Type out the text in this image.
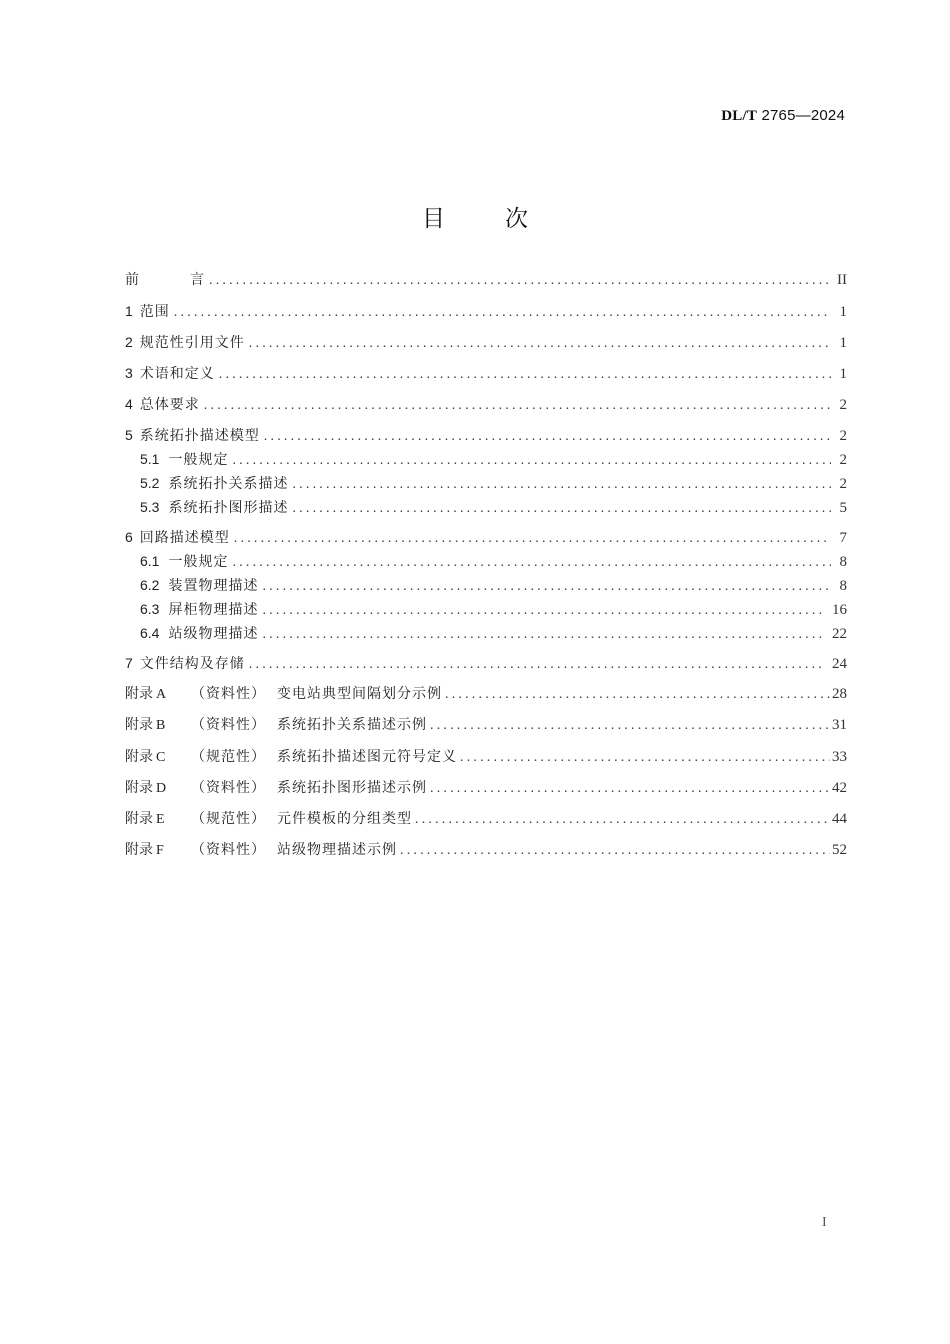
DL/T 2765—2024
目	次
前	言 .....	II
1 范围 .....	1
2 规范性引用文件 .....	1
3 术语和定义 .....	1
4 总体要求 .....	2
5 系统拓扑描述模型 .....	2
5.1 一般规定 .....	2
5.2 系统拓扑关系描述 .....	2
5.3 系统拓扑图形描述 .....	5
6 回路描述模型 .....	7
6.1 一般规定 .....	8
6.2 装置物理描述 .....	8
6.3 屏柜物理描述 .....	16
6.4 站级物理描述 .....	22
7 文件结构及存储 .....	24
附录 A	（资料性） 变电站典型间隔划分示例 .....	28
附录 B	（资料性） 系统拓扑关系描述示例 .....	31
附录 C	（规范性） 系统拓扑描述图元符号定义 .....	33
附录 D	（资料性） 系统拓扑图形描述示例 .....	42
附录 E	（规范性） 元件模板的分组类型 .....	44
附录 F	（资料性） 站级物理描述示例 .....	52
I
